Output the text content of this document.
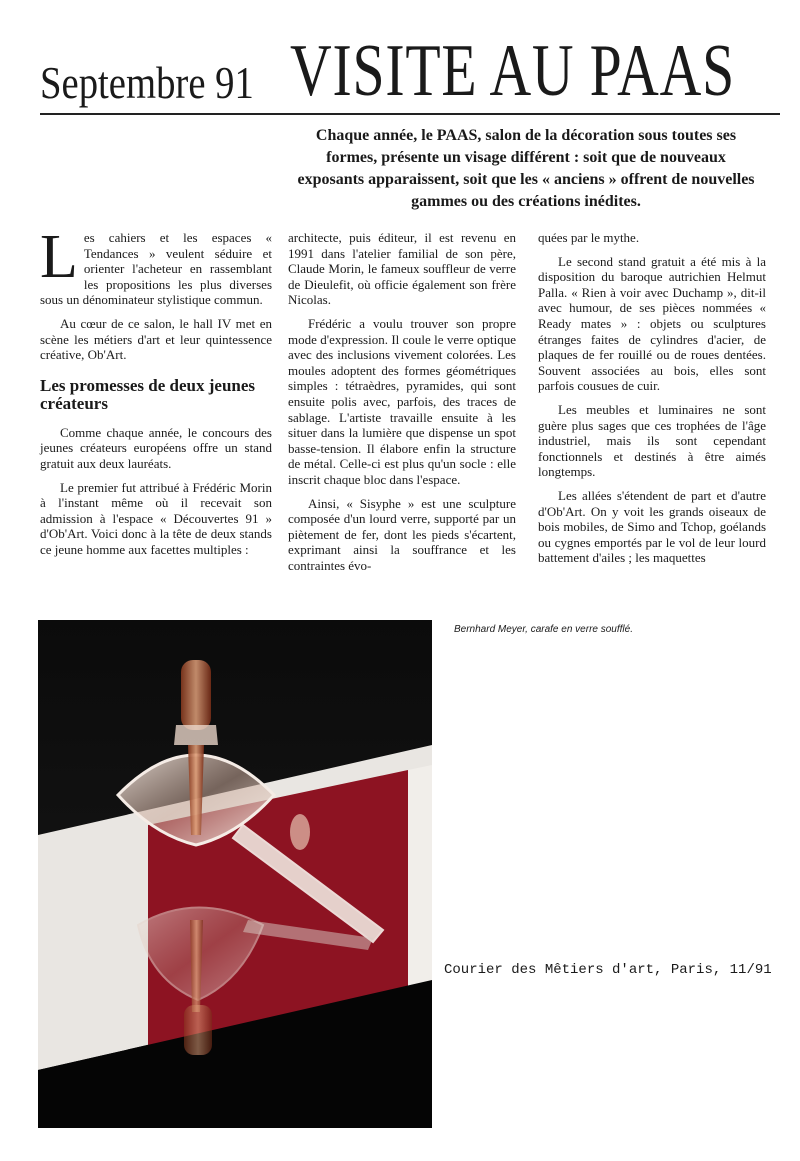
Septembre 91 VISITE AU PAAS
Chaque année, le PAAS, salon de la décoration sous toutes ses formes, présente un visage différent : soit que de nouveaux exposants apparaissent, soit que les « anciens » offrent de nouvelles gammes ou des créations inédites.

Les cahiers et les espaces « Tendances » veulent séduire et orienter l'acheteur en rassemblant les propositions les plus diverses sous un dénominateur stylistique commun.

Au cœur de ce salon, le hall IV met en scène les métiers d'art et leur quintessence créative, Ob'Art.

Les promesses de deux jeunes créateurs

Comme chaque année, le concours des jeunes créateurs européens offre un stand gratuit aux deux lauréats.

Le premier fut attribué à Frédéric Morin à l'instant même où il recevait son admission à l'espace « Découvertes 91 » d'Ob'Art. Voici donc à la tête de deux stands ce jeune homme aux facettes multiples :

architecte, puis éditeur, il est revenu en 1991 dans l'atelier familial de son père, Claude Morin, le fameux souffleur de verre de Dieulefit, où officie également son frère Nicolas.

Frédéric a voulu trouver son propre mode d'expression. Il coule le verre optique avec des inclusions vivement colorées. Les moules adoptent des formes géométriques simples : tétraèdres, pyramides, qui sont ensuite polis avec, parfois, des traces de sablage. L'artiste travaille ensuite à les situer dans la lumière que dispense un spot basse-tension. Il élabore enfin la structure de métal. Celle-ci est plus qu'un socle : elle inscrit chaque bloc dans l'espace.

Ainsi, « Sisyphe » est une sculpture composée d'un lourd verre, supporté par un piètement de fer, dont les pieds s'écartent, exprimant ainsi la souffrance et les contraintes évo-

quées par le mythe.

Le second stand gratuit a été mis à la disposition du baroque autrichien Helmut Palla. « Rien à voir avec Duchamp », dit-il avec humour, de ses pièces nommées « Ready mates » : objets ou sculptures étranges faites de cylindres d'acier, de plaques de fer rouillé ou de roues dentées. Souvent associées au bois, elles sont parfois cousues de cuir.

Les meubles et luminaires ne sont guère plus sages que ces trophées de l'âge industriel, mais ils sont cependant fonctionnels et destinés à être aimés longtemps.

Les allées s'étendent de part et d'autre d'Ob'Art. On y voit les grands oiseaux de bois mobiles, de Simo and Tchop, goélands ou cygnes emportés par le vol de leur lourd battement d'ailes ; les maquettes

Bernhard Meyer, carafe en verre soufflé.
Courier des Mêtiers d'art, Paris, 11/91
